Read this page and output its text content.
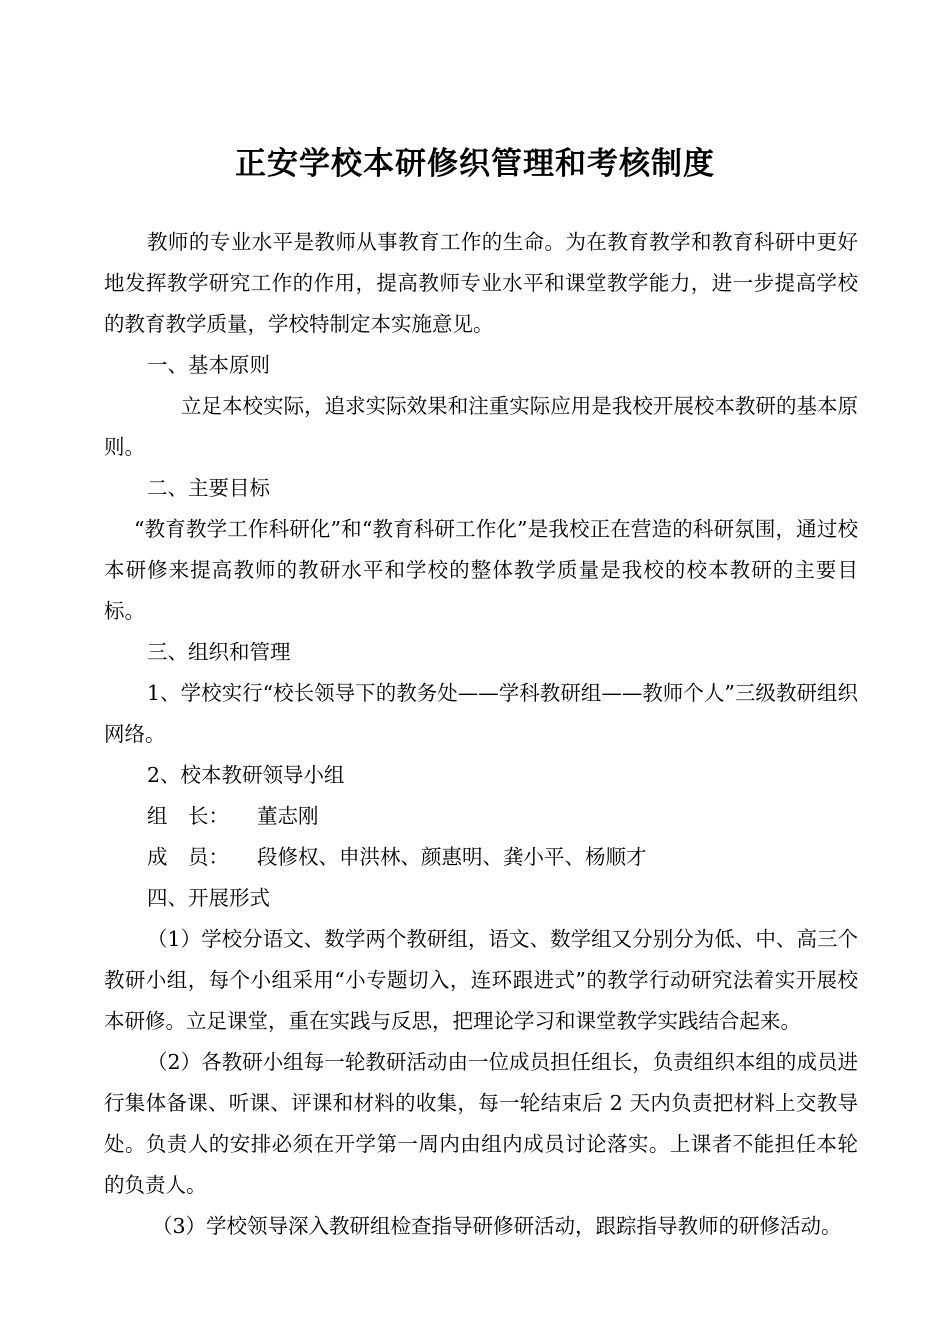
正安学校本研修织管理和考核制度

教师的专业水平是教师从事教育工作的生命。为在教育教学和教育科研中更好地发挥教学研究工作的作用，提高教师专业水平和课堂教学能力，进一步提高学校的教育教学质量，学校特制定本实施意见。

一、基本原则

立足本校实际，追求实际效果和注重实际应用是我校开展校本教研的基本原则。

二、主要目标

“教育教学工作科研化”和“教育科研工作化”是我校正在营造的科研氛围，通过校本研修来提高教师的教研水平和学校的整体教学质量是我校的校本教研的主要目标。

三、组织和管理

1、学校实行“校长领导下的教务处——学科教研组——教师个人”三级教研组织网络。

2、校本教研领导小组

组　长： 董志刚
成　员： 段修权、申洪林、颜惠明、龚小平、杨顺才

四、开展形式

（1）学校分语文、数学两个教研组，语文、数学组又分别分为低、中、高三个教研小组，每个小组采用“小专题切入，连环跟进式”的教学行动研究法着实开展校本研修。立足课堂，重在实践与反思，把理论学习和课堂教学实践结合起来。

（2）各教研小组每一轮教研活动由一位成员担任组长，负责组织本组的成员进行集体备课、听课、评课和材料的收集，每一轮结束后 2 天内负责把材料上交教导处。负责人的安排必须在开学第一周内由组内成员讨论落实。上课者不能担任本轮的负责人。

（3）学校领导深入教研组检查指导研修研活动，跟踪指导教师的研修活动。
